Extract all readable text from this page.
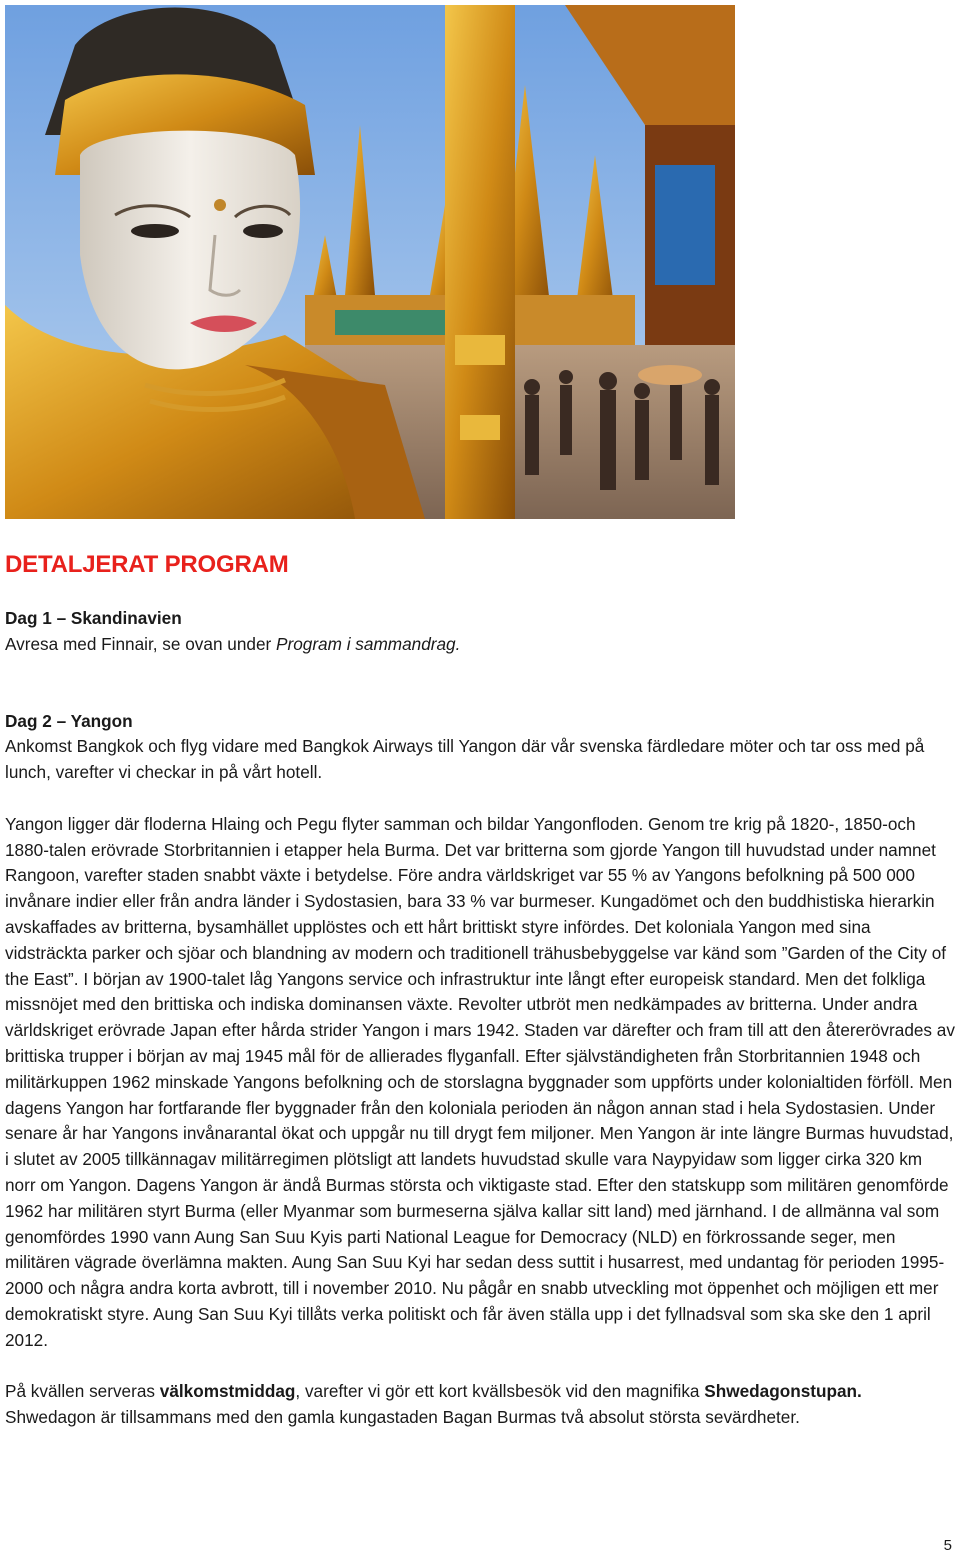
DETALJERAT PROGRAM

Dag 1 – Skandinavien

Avresa med Finnair, se ovan under Program i sammandrag.

Dag 2 – Yangon

Ankomst Bangkok och flyg vidare med Bangkok Airways till Yangon där vår svenska färdledare möter och tar oss med på lunch, varefter vi checkar in på vårt hotell.

Yangon ligger där floderna Hlaing och Pegu flyter samman och bildar Yangonfloden. Genom tre krig på 1820-, 1850-och 1880-talen erövrade Storbritannien i etapper hela Burma. Det var britterna som gjorde Yangon till huvudstad under namnet Rangoon, varefter staden snabbt växte i betydelse. Före andra världskriget var 55 % av Yangons befolkning på 500 000 invånare indier eller från andra länder i Sydostasien, bara 33 % var burmeser. Kungadömet och den buddhistiska hierarkin avskaffades av britterna, bysamhället upplöstes och ett hårt brittiskt styre infördes. Det koloniala Yangon med sina vidsträckta parker och sjöar och blandning av modern och traditionell trähusbebyggelse var känd som ”Garden of the City of the East”. I början av 1900-talet låg Yangons service och infrastruktur inte långt efter europeisk standard. Men det folkliga missnöjet med den brittiska och indiska dominansen växte. Revolter utbröt men nedkämpades av britterna. Under andra världskriget erövrade Japan efter hårda strider Yangon i mars 1942. Staden var därefter och fram till att den återerövrades av brittiska trupper i början av maj 1945 mål för de allierades flyganfall. Efter självständigheten från Storbritannien 1948 och militärkuppen 1962 minskade Yangons befolkning och de storslagna byggnader som uppförts under kolonialtiden förföll. Men dagens Yangon har fortfarande fler byggnader från den koloniala perioden än någon annan stad i hela Sydostasien. Under senare år har Yangons invånarantal ökat och uppgår nu till drygt fem miljoner. Men Yangon är inte längre Burmas huvudstad, i slutet av 2005 tillkännagav militärregimen plötsligt att landets huvudstad skulle vara Naypyidaw som ligger cirka 320 km norr om Yangon. Dagens Yangon är ändå Burmas största och viktigaste stad. Efter den statskupp som militären genomförde 1962 har militären styrt Burma (eller Myanmar som burmeserna själva kallar sitt land) med järnhand. I de allmänna val som genomfördes 1990 vann Aung San Suu Kyis parti National League for Democracy (NLD) en förkrossande seger, men militären vägrade överlämna makten. Aung San Suu Kyi har sedan dess suttit i husarrest, med undantag för perioden 1995-2000 och några andra korta avbrott, till i november 2010. Nu pågår en snabb utveckling mot öppenhet och möjligen ett mer demokratiskt styre. Aung San Suu Kyi tillåts verka politiskt och får även ställa upp i det fyllnadsval som ska ske den 1 april 2012.

På kvällen serveras välkomstmiddag, varefter vi gör ett kort kvällsbesök vid den magnifika Shwedagonstupan. Shwedagon är tillsammans med den gamla kungastaden Bagan Burmas två absolut största sevärdheter.

5
